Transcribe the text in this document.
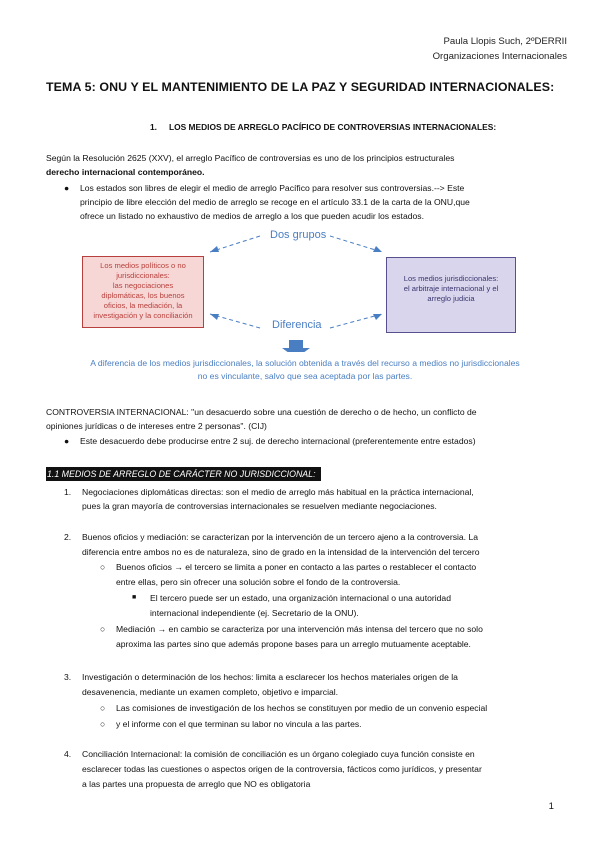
Paula Llopis Such, 2ºDERRII
Organizaciones Internacionales
TEMA 5: ONU Y EL MANTENIMIENTO DE LA PAZ Y SEGURIDAD INTERNACIONALES:
1. LOS MEDIOS DE ARREGLO PACÍFICO DE CONTROVERSIAS INTERNACIONALES:
Según la Resolución 2625 (XXV), el arreglo Pacífico de controversias es uno de los principios estructurales
derecho internacional contemporáneo.
● Los estados son libres de elegir el medio de arreglo Pacífico para resolver sus controversias.--> Este
principio de libre elección del medio de arreglo se recoge en el artículo 33.1 de la carta de la ONU,que
ofrece un listado no exhaustivo de medios de arreglo a los que pueden acudir los estados.
Dos grupos
Diferencia
Los medios políticos o no
jurisdiccionales:
las negociaciones
diplomáticas, los buenos
oficios, la mediación, la
investigación y la conciliación
Los medios jurisdiccionales:
el arbitraje internacional y el
arreglo judicia
A diferencia de los medios jurisdiccionales, la solución obtenida a través del recurso a medios no jurisdiccionales
no es vinculante, salvo que sea aceptada por las partes.
CONTROVERSIA INTERNACIONAL: "un desacuerdo sobre una cuestión de derecho o de hecho, un conflicto de
opiniones jurídicas o de intereses entre 2 personas". (CIJ)
● Este desacuerdo debe producirse entre 2 suj. de derecho internacional (preferentemente entre estados)
1.1 MEDIOS DE ARREGLO DE CARÁCTER NO JURISDICCIONAL:
1. Negociaciones diplomáticas directas: son el medio de arreglo más habitual en la práctica internacional,
pues la gran mayoría de controversias internacionales se resuelven mediante negociaciones.
2. Buenos oficios y mediación: se caracterizan por la intervención de un tercero ajeno a la controversia. La
diferencia entre ambos no es de naturaleza, sino de grado en la intensidad de la intervención del tercero
○ Buenos oficios → el tercero se limita a poner en contacto a las partes o restablecer el contacto
entre ellas, pero sin ofrecer una solución sobre el fondo de la controversia.
■ El tercero puede ser un estado, una organización internacional o una autoridad
internacional independiente (ej. Secretario de la ONU).
○ Mediación → en cambio se caracteriza por una intervención más intensa del tercero que no solo
aproxima las partes sino que además propone bases para un arreglo mutuamente aceptable.
3. Investigación o determinación de los hechos: limita a esclarecer los hechos materiales origen de la
desavenencia, mediante un examen completo, objetivo e imparcial.
○ Las comisiones de investigación de los hechos se constituyen por medio de un convenio especial
○ y el informe con el que terminan su labor no vincula a las partes.
4. Conciliación Internacional: la comisión de conciliación es un órgano colegiado cuya función consiste en
esclarecer todas las cuestiones o aspectos origen de la controversia, fácticos como jurídicos, y presentar
a las partes una propuesta de arreglo que NO es obligatoria
1
